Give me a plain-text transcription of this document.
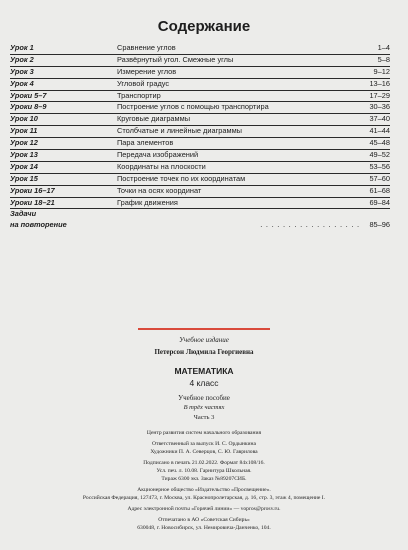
Содержание
Урок 1	Сравнение углов	1–4
Урок 2	Развёрнутый угол. Смежные углы	5–8
Урок 3	Измерение углов	9–12
Урок 4	Угловой градус	13–16
Уроки 5–7	Транспортир	17–29
Уроки 8–9	Построение углов с помощью транспортира	30–36
Урок 10	Круговые диаграммы	37–40
Урок 11	Столбчатые и линейные диаграммы	41–44
Урок 12	Пара элементов	45–48
Урок 13	Передача изображений	49–52
Урок 14	Координаты на плоскости	53–56
Урок 15	Построение точек по их координатам	57–60
Уроки 16–17	Точки на осях координат	61–68
Уроки 18–21	График движения	69–84
Задачи
на повторение	. . . . . . . . . . . . . . . . . . 85–96
Учебное издание
Петерсон Людмила Георгиевна
МАТЕМАТИКА
4 класс
Учебное пособие
В трёх частях
Часть 3
Центр развития систем начального образования
Ответственный за выпуск И. С. Ордынкина
Художники П. А. Северцов, С. Ю. Гаврилова
Подписано в печать 21.02.2022. Формат 84х108/16.
Усл. печ. л. 10.08. Гарнитура Школьная.
Тираж 6300 экз. Заказ №89207СИБ.
Акционерное общество «Издательство «Просвещение».
Российская Федерация, 127473, г. Москва, ул. Краснопролетарская, д. 16, стр. 3, этаж 4, помещение I.
Адрес электронной почты «Горячей линии» — vopros@prosv.ru.
Отпечатано в АО «Советская Сибирь»
630048, г. Новосибирск, ул. Немировича-Данченко, 104.
